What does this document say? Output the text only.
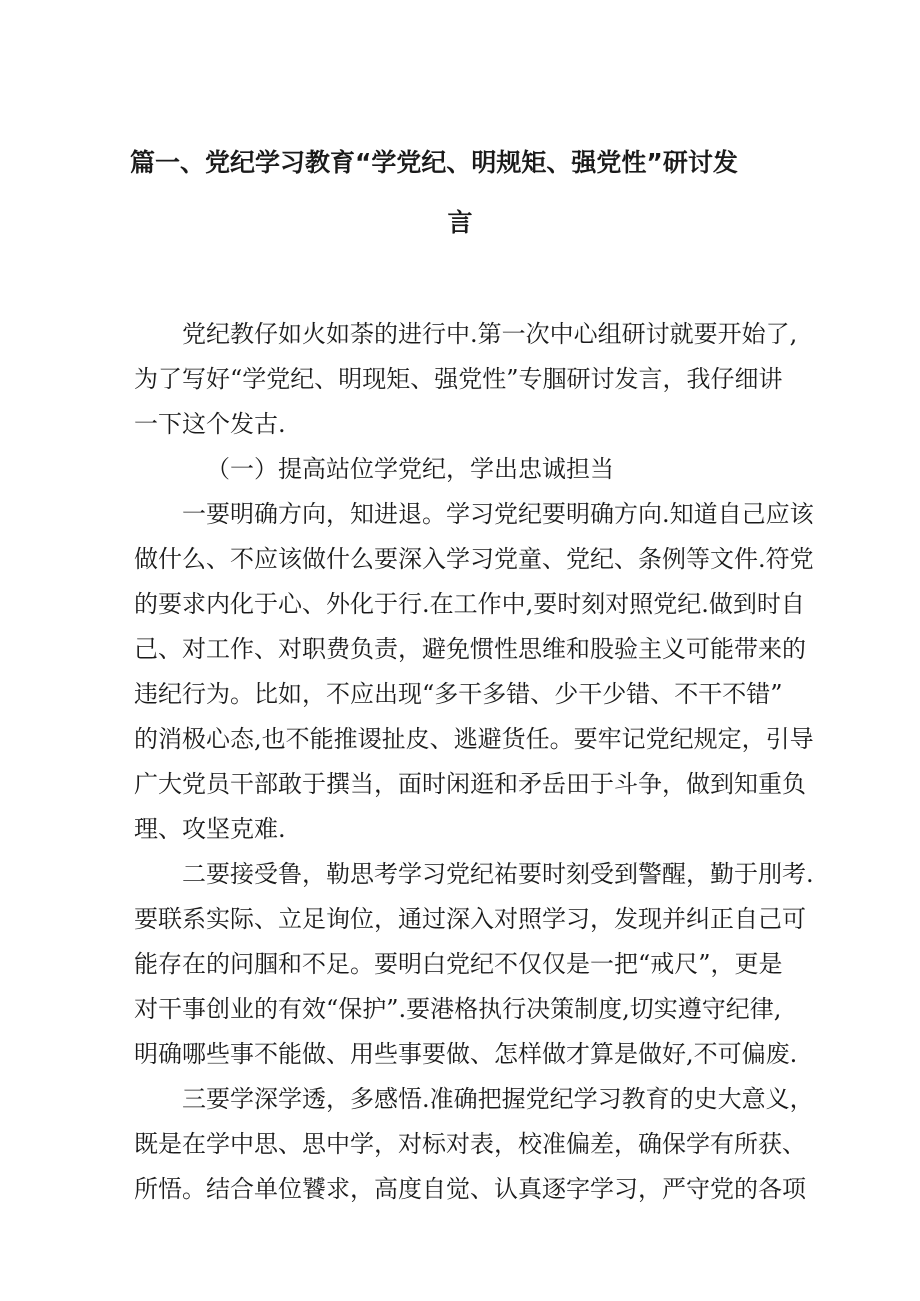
篇一、党纪学习教育“学党纪、明规矩、强党性”研讨发
言
党纪教仔如火如荼的进行中.第一次中心组研讨就要开始了,
为了写好“学党纪、明现矩、强党性”专腘研讨发言，我仔细讲
一下这个发古.
（一）提高站位学党纪，学出忠诚担当
一要明确方向，知进退。学习党纪要明确方向.知道自己应该
做什么、不应该做什么要深入学习党童、党纪、条例等文件.符党
的要求内化于心、外化于行.在工作中,要时刻对照党纪.做到时自
己、对工作、对职费负责，避免惯性思维和股验主义可能带来的
违纪行为。比如，不应出现“多干多错、少干少错、不干不错”
的消极心态,也不能推谡扯皮、逃避货任。要牢记党纪规定，引导
广大党员干部敢于撰当，面时闲逛和矛岳田于斗争，做到知重负
理、攻坚克难.
二要接受鲁，勒思考学习党纪祐要时刻受到警醒，勤于刖考.
要联系实际、立足询位，通过深入对照学习，发现并纠正自己可
能存在的问腘和不足。要明白党纪不仅仅是一把“戒尺”，更是
对干事创业的有效“保护”.要港格执行决策制度,切实遵守纪律,
明确哪些事不能做、用些事要做、怎样做才算是做好,不可偏废.
三要学深学透，多感悟.准确把握党纪学习教育的史大意义，
既是在学中思、思中学，对标对表，校准偏差，确保学有所获、
所悟。结合单位饕求，高度自觉、认真逐字学习，严守党的各项
